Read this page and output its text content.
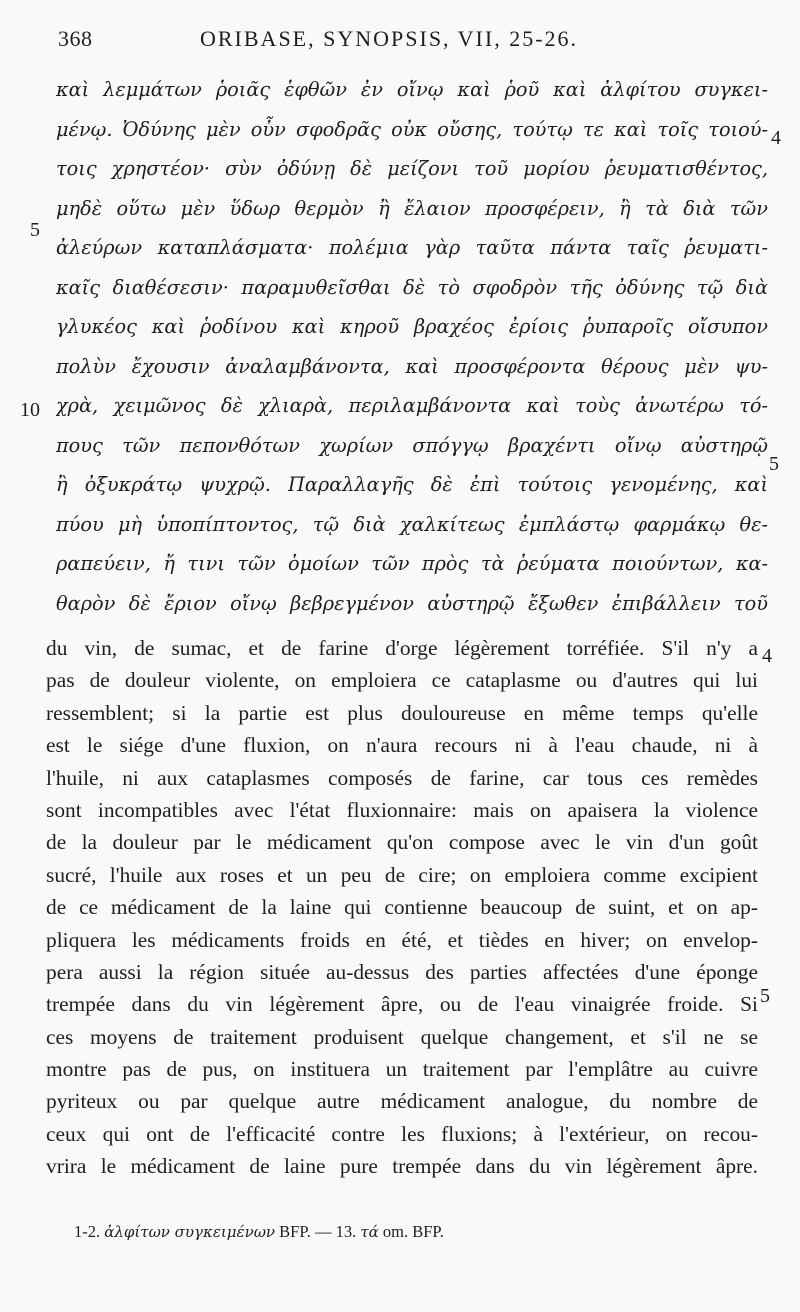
368	ORIBASE, SYNOPSIS, VII, 25-26.
καὶ λεμμάτων ῥοιᾶς ἑφθῶν ἐν οἴνῳ καὶ ῥοῦ καὶ ἀλφίτου συγκει-
μένῳ. Ὀδύνης μὲν οὖν σφοδρᾶς οὐκ οὔσης, τούτῳ τε καὶ τοῖς τοιού-
τοις χρηστέον· σὺν ὀδύνῃ δὲ μείζονι τοῦ μορίου ῥευματισθέντος,
μηδὲ οὕτω μὲν ὕδωρ θερμὸν ἢ ἔλαιον προσφέρειν, ἢ τὰ διὰ τῶν
ἀλεύρων καταπλάσματα· πολέμια γὰρ ταῦτα πάντα ταῖς ῥευματι-
καῖς διαθέσεσιν· παραμυθεῖσθαι δὲ τὸ σφοδρὸν τῆς ὀδύνης τῷ διὰ
γλυκέος καὶ ῥοδίνου καὶ κηροῦ βραχέος ἐρίοις ῥυπαροῖς οἴσυπον
πολὺν ἔχουσιν ἀναλαμβάνοντα, καὶ προσφέροντα θέρους μὲν ψυ-
χρὰ, χειμῶνος δὲ χλιαρὰ, περιλαμβάνοντα καὶ τοὺς ἀνωτέρω τό-
πους τῶν πεπονθότων χωρίων σπόγγῳ βραχέντι οἴνῳ αὐστηρῷ
ἢ ὀξυκράτῳ ψυχρῷ. Παραλλαγῆς δὲ ἐπὶ τούτοις γενομένης, καὶ
πύου μὴ ὑποπίπτοντος, τῷ διὰ χαλκίτεως ἐμπλάστῳ φαρμάκῳ θε-
ραπεύειν, ἤ τινι τῶν ὁμοίων τῶν πρὸς τὰ ῥεύματα ποιούντων, κα-
θαρὸν δὲ ἔριον οἴνῳ βεβρεγμένον αὐστηρῷ ἔξωθεν ἐπιβάλλειν τοῦ
5
10
4
5
du vin, de sumac, et de farine d'orge légèrement torréfiée. S'il n'y a
pas de douleur violente, on emploiera ce cataplasme ou d'autres qui lui
ressemblent; si la partie est plus douloureuse en même temps qu'elle
est le siége d'une fluxion, on n'aura recours ni à l'eau chaude, ni à
l'huile, ni aux cataplasmes composés de farine, car tous ces remèdes
sont incompatibles avec l'état fluxionnaire: mais on apaisera la violence
de la douleur par le médicament qu'on compose avec le vin d'un goût
sucré, l'huile aux roses et un peu de cire; on emploiera comme excipient
de ce médicament de la laine qui contienne beaucoup de suint, et on ap-
pliquera les médicaments froids en été, et tièdes en hiver; on envelop-
pera aussi la région située au-dessus des parties affectées d'une éponge
trempée dans du vin légèrement âpre, ou de l'eau vinaigrée froide. Si
ces moyens de traitement produisent quelque changement, et s'il ne se
montre pas de pus, on instituera un traitement par l'emplâtre au cuivre
pyriteux ou par quelque autre médicament analogue, du nombre de
ceux qui ont de l'efficacité contre les fluxions; à l'extérieur, on recou-
vrira le médicament de laine pure trempée dans du vin légèrement âpre.
4
5
1-2. ἀλφίτων συγκειμένων BFP. — 13. τά om. BFP.
